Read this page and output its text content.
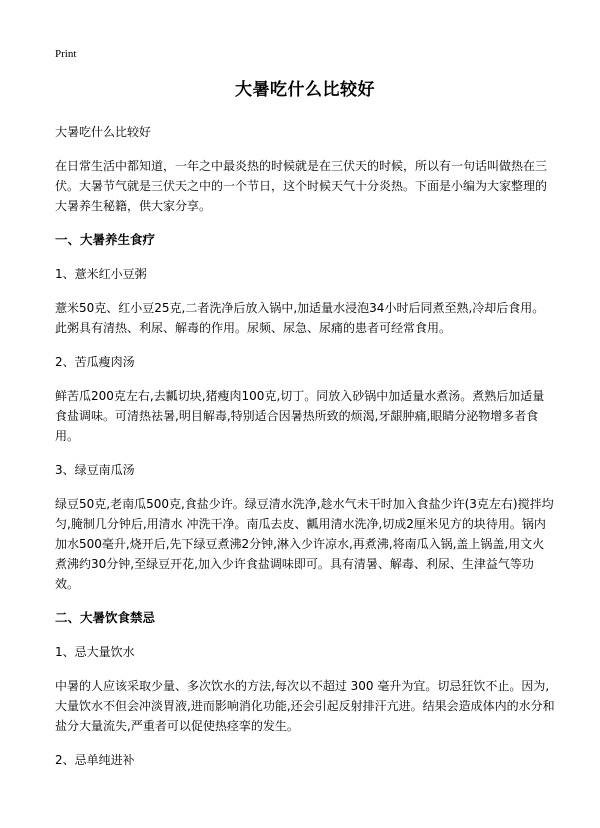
Print
大暑吃什么比较好

大暑吃什么比较好

在日常生活中都知道，一年之中最炎热的时候就是在三伏天的时候，所以有一句话叫做热在三伏。大暑节气就是三伏天之中的一个节日，这个时候天气十分炎热。下面是小编为大家整理的大暑养生秘籍，供大家分享。

一、大暑养生食疗

1、薏米红小豆粥

薏米50克、红小豆25克,二者洗净后放入锅中,加适量水浸泡34小时后同煮至熟,冷却后食用。此粥具有清热、利尿、解毒的作用。尿频、尿急、尿痛的患者可经常食用。

2、苦瓜瘦肉汤

鲜苦瓜200克左右,去瓤切块,猪瘦肉100克,切丁。同放入砂锅中加适量水煮汤。煮熟后加适量食盐调味。可清热祛暑,明目解毒,特别适合因暑热所致的烦渴,牙龈肿痛,眼睛分泌物增多者食用。

3、绿豆南瓜汤

绿豆50克,老南瓜500克,食盐少许。绿豆清水洗净,趁水气未干时加入食盐少许(3克左右)搅拌均匀,腌制几分钟后,用清水 冲洗干净。南瓜去皮、瓤用清水洗净,切成2厘米见方的块待用。锅内加水500毫升,烧开后,先下绿豆煮沸2分钟,淋入少许凉水,再煮沸,将南瓜入锅,盖上锅盖,用文火煮沸约30分钟,至绿豆开花,加入少许食盐调味即可。具有清暑、解毒、利尿、生津益气等功效。

二、大暑饮食禁忌

1、忌大量饮水

中暑的人应该采取少量、多次饮水的方法,每次以不超过 300 毫升为宜。切忌狂饮不止。因为,大量饮水不但会冲淡胃液,进而影响消化功能,还会引起反射排汗亢进。结果会造成体内的水分和盐分大量流失,严重者可以促使热痉挛的发生。

2、忌单纯进补
